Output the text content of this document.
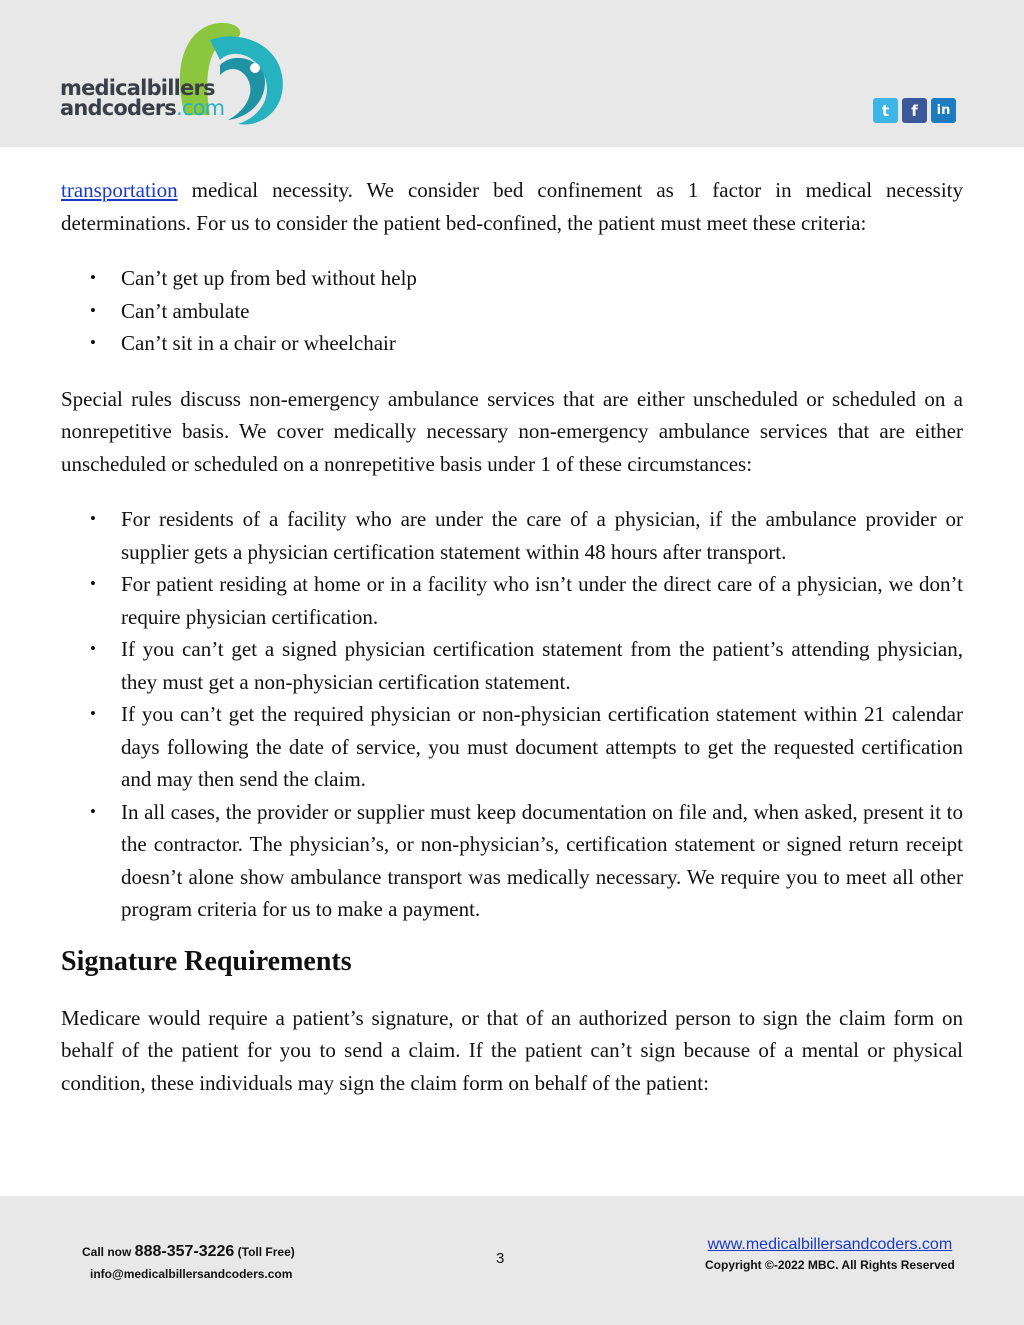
medicalbillers
andcoders.com	t	f	in

transportation medical necessity. We consider bed confinement as 1 factor in medical necessity determinations. For us to consider the patient bed-confined, the patient must meet these criteria:

• Can’t get up from bed without help
• Can’t ambulate
• Can’t sit in a chair or wheelchair

Special rules discuss non-emergency ambulance services that are either unscheduled or scheduled on a nonrepetitive basis. We cover medically necessary non-emergency ambulance services that are either unscheduled or scheduled on a nonrepetitive basis under 1 of these circumstances:

• For residents of a facility who are under the care of a physician, if the ambulance provider or supplier gets a physician certification statement within 48 hours after transport.
• For patient residing at home or in a facility who isn’t under the direct care of a physician, we don’t require physician certification.
• If you can’t get a signed physician certification statement from the patient’s attending physician, they must get a non-physician certification statement.
• If you can’t get the required physician or non-physician certification statement within 21 calendar days following the date of service, you must document attempts to get the requested certification and may then send the claim.
• In all cases, the provider or supplier must keep documentation on file and, when asked, present it to the contractor. The physician’s, or non-physician’s, certification statement or signed return receipt doesn’t alone show ambulance transport was medically necessary. We require you to meet all other program criteria for us to make a payment.
Signature Requirements

Medicare would require a patient’s signature, or that of an authorized person to sign the claim form on behalf of the patient for you to send a claim. If the patient can’t sign because of a mental or physical condition, these individuals may sign the claim form on behalf of the patient:

Call now 888-357-3226 (Toll Free)
info@medicalbillersandcoders.com
3
www.medicalbillersandcoders.com
Copyright ©-2022 MBC. All Rights Reserved
